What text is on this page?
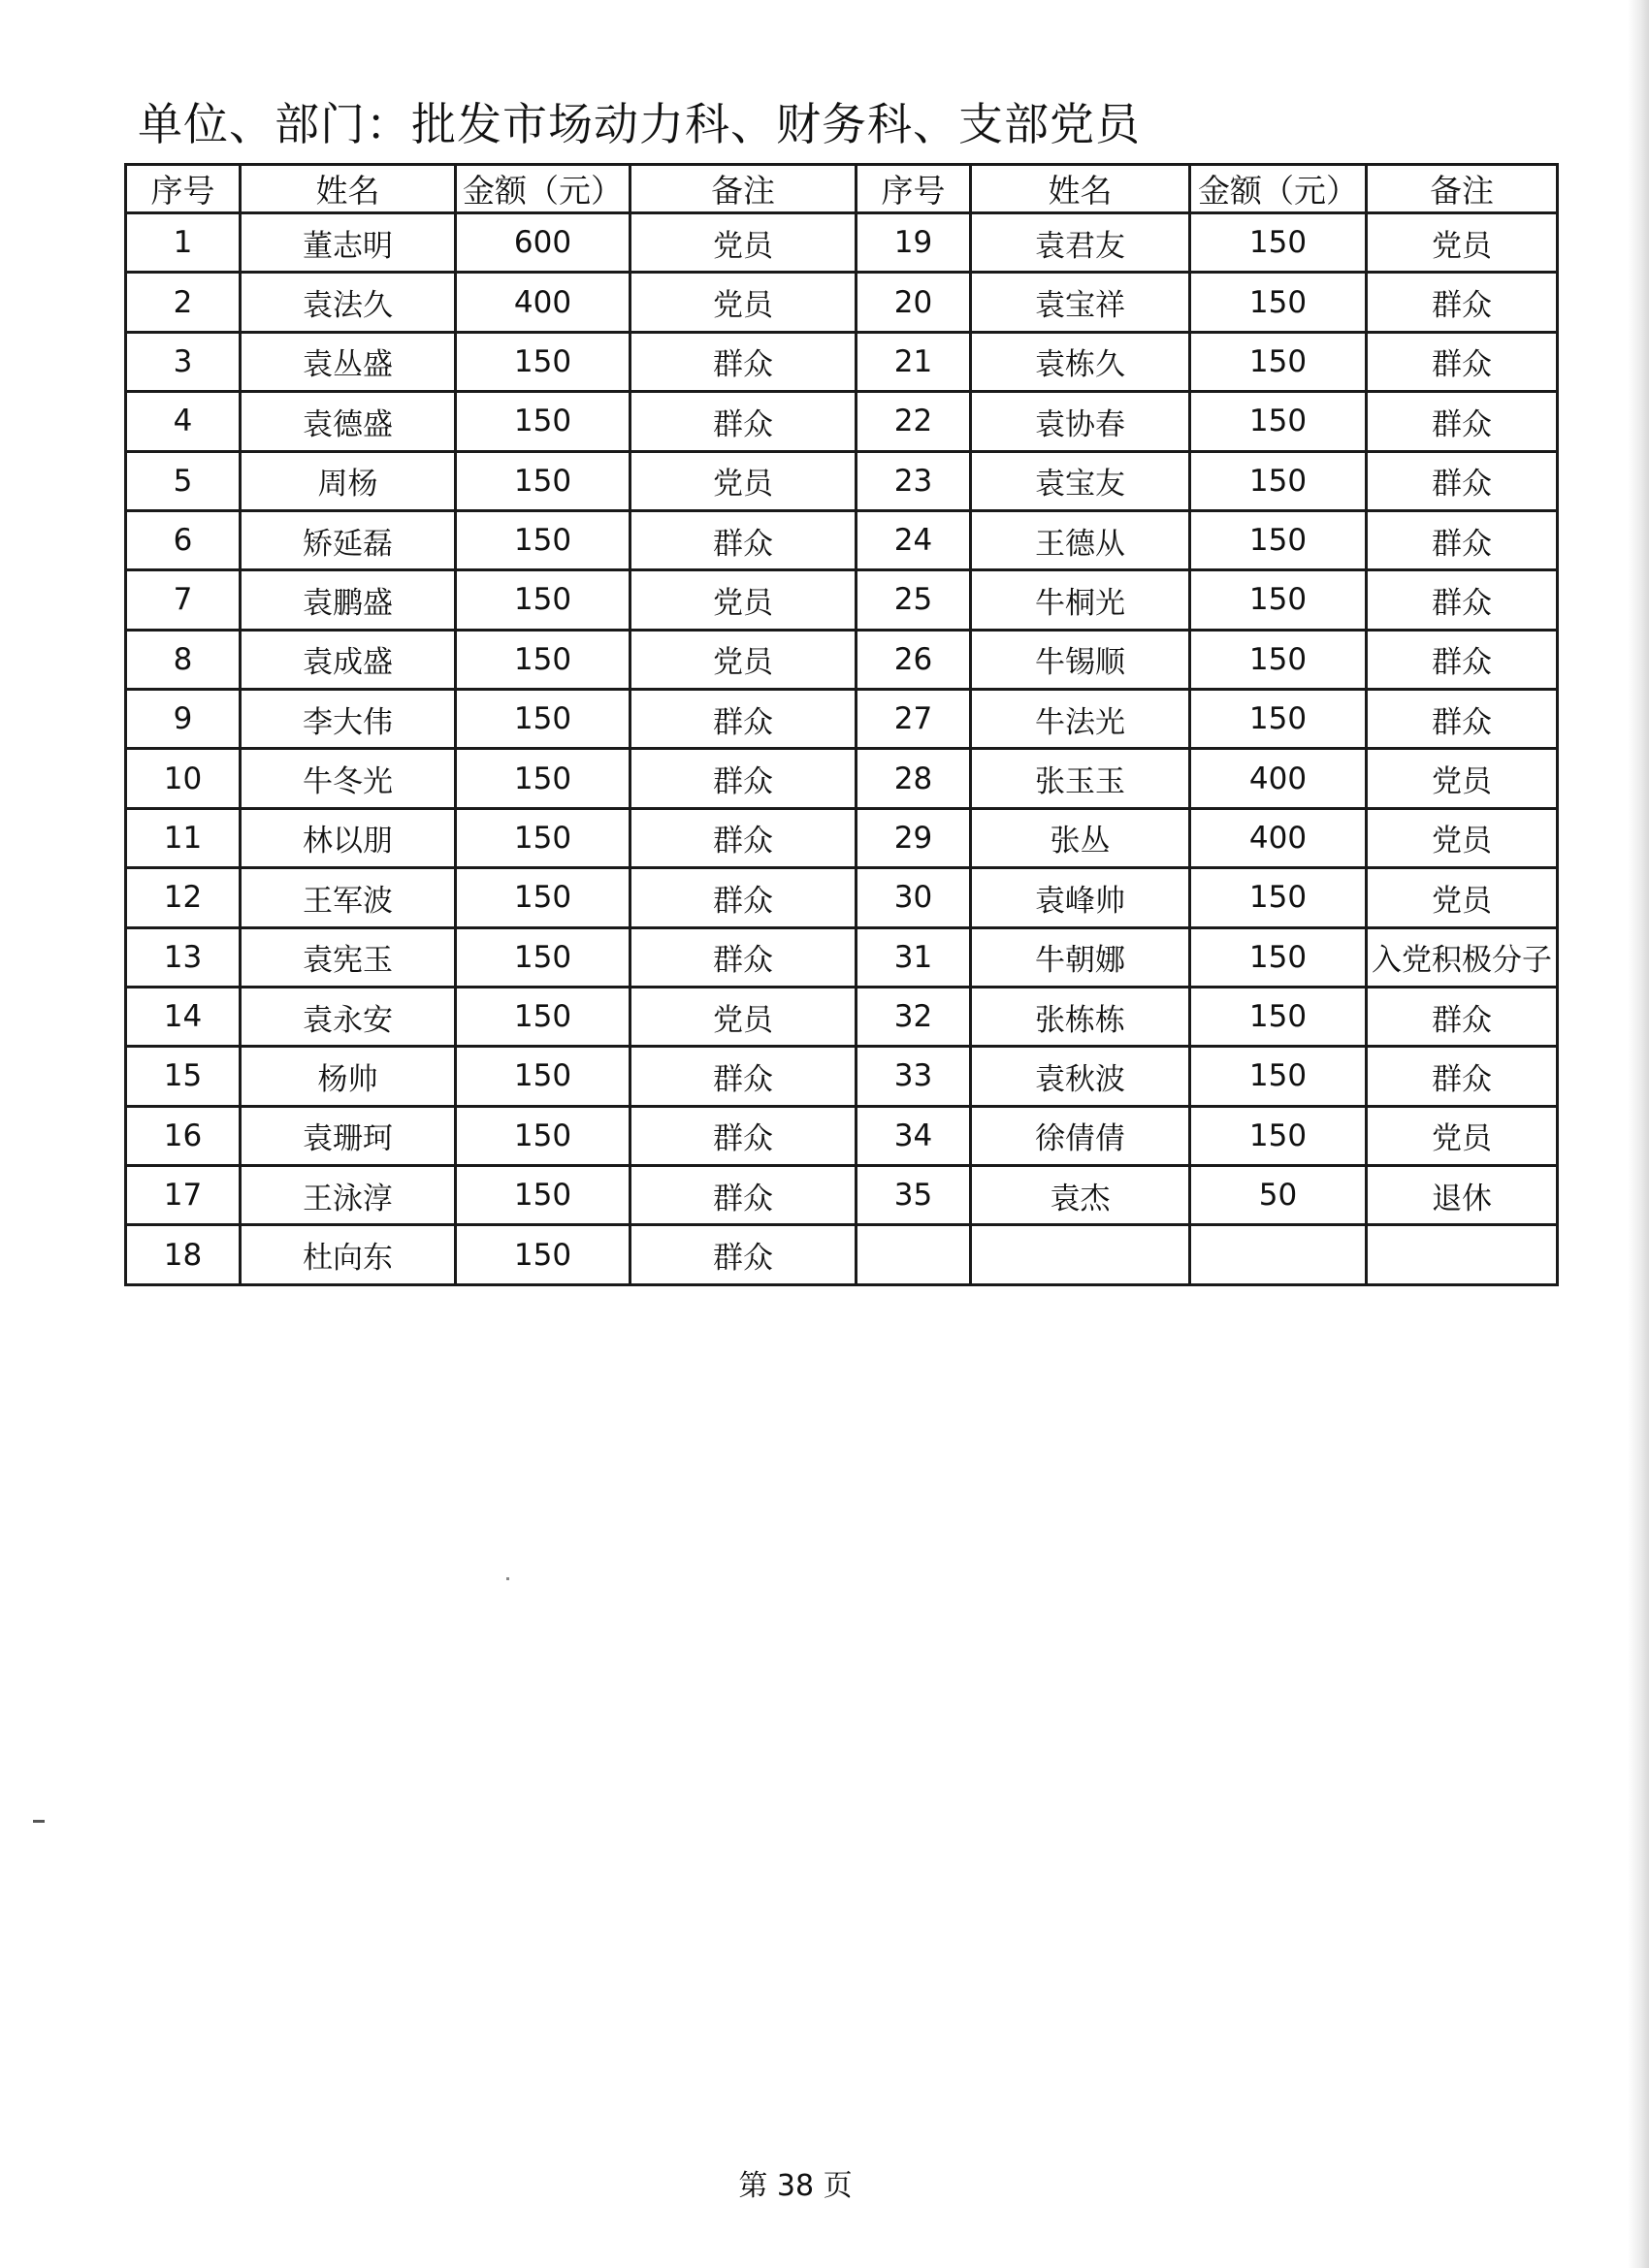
单位、部门：批发市场动力科、财务科、支部党员
序号	姓名	金额（元）	备注	序号	姓名	金额（元）	备注
1	董志明	600	党员	19	袁君友	150	党员
2	袁法久	400	党员	20	袁宝祥	150	群众
3	袁丛盛	150	群众	21	袁栋久	150	群众
4	袁德盛	150	群众	22	袁协春	150	群众
5	周杨	150	党员	23	袁宝友	150	群众
6	矫延磊	150	群众	24	王德从	150	群众
7	袁鹏盛	150	党员	25	牛桐光	150	群众
8	袁成盛	150	党员	26	牛锡顺	150	群众
9	李大伟	150	群众	27	牛法光	150	群众
10	牛冬光	150	群众	28	张玉玉	400	党员
11	林以朋	150	群众	29	张丛	400	党员
12	王军波	150	群众	30	袁峰帅	150	党员
13	袁宪玉	150	群众	31	牛朝娜	150	入党积极分子
14	袁永安	150	党员	32	张栋栋	150	群众
15	杨帅	150	群众	33	袁秋波	150	群众
16	袁珊珂	150	群众	34	徐倩倩	150	党员
17	王泳淳	150	群众	35	袁杰	50	退休
18	杜向东	150	群众				
第 38 页
